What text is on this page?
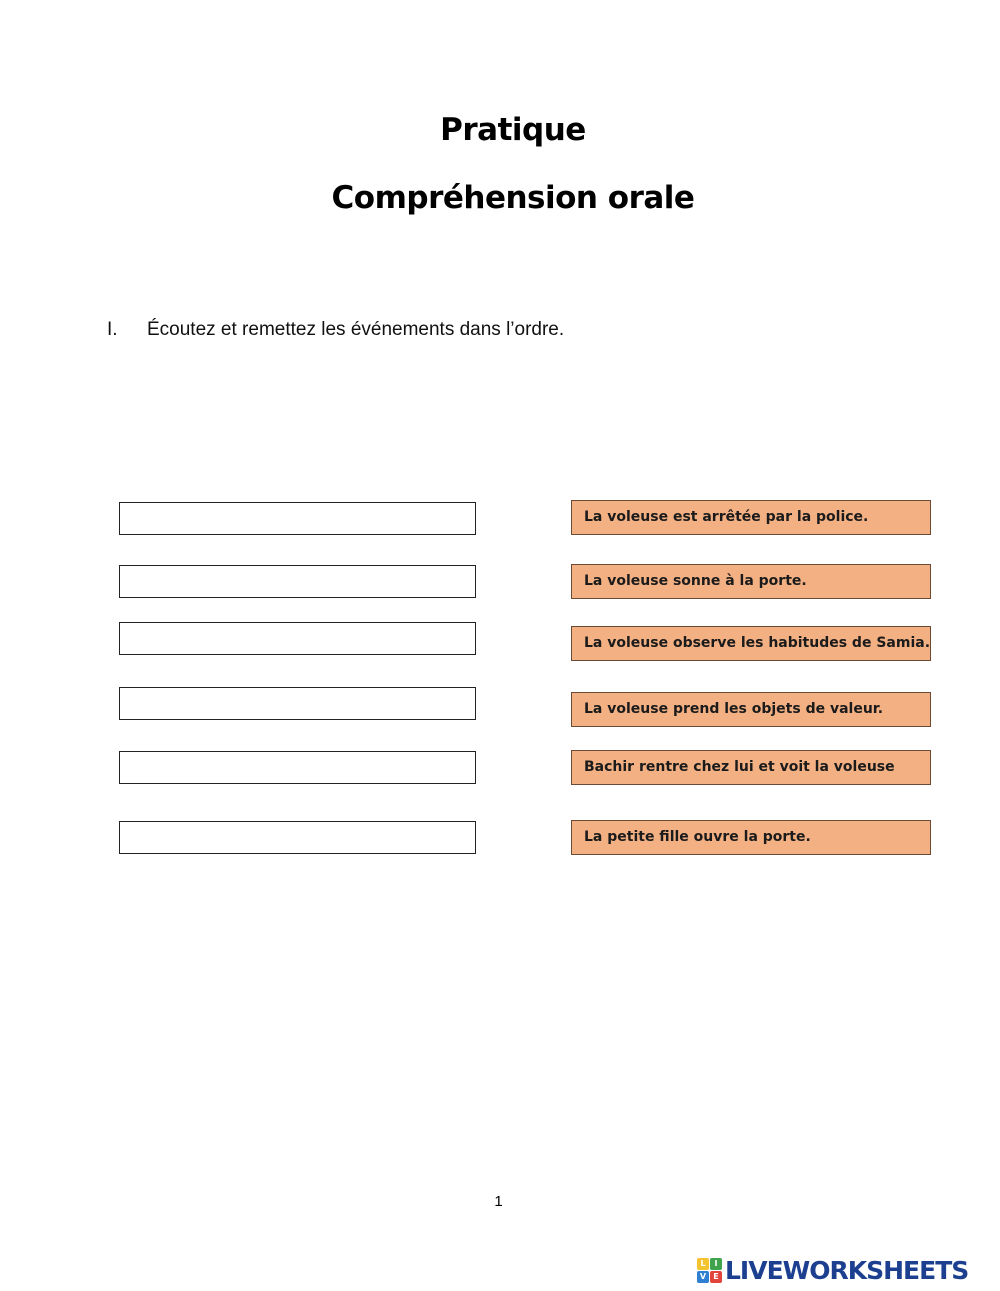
Pratique
Compréhension orale
I. Écoutez et remettez les événements dans l’ordre.
La voleuse est arrêtée par la police.
La voleuse sonne à la porte.
La voleuse observe les habitudes de Samia.
La voleuse prend les objets de valeur.
Bachir rentre chez lui et voit la voleuse
La petite fille ouvre la porte.
1
L	I
V E LIVEWORKSHEETS
